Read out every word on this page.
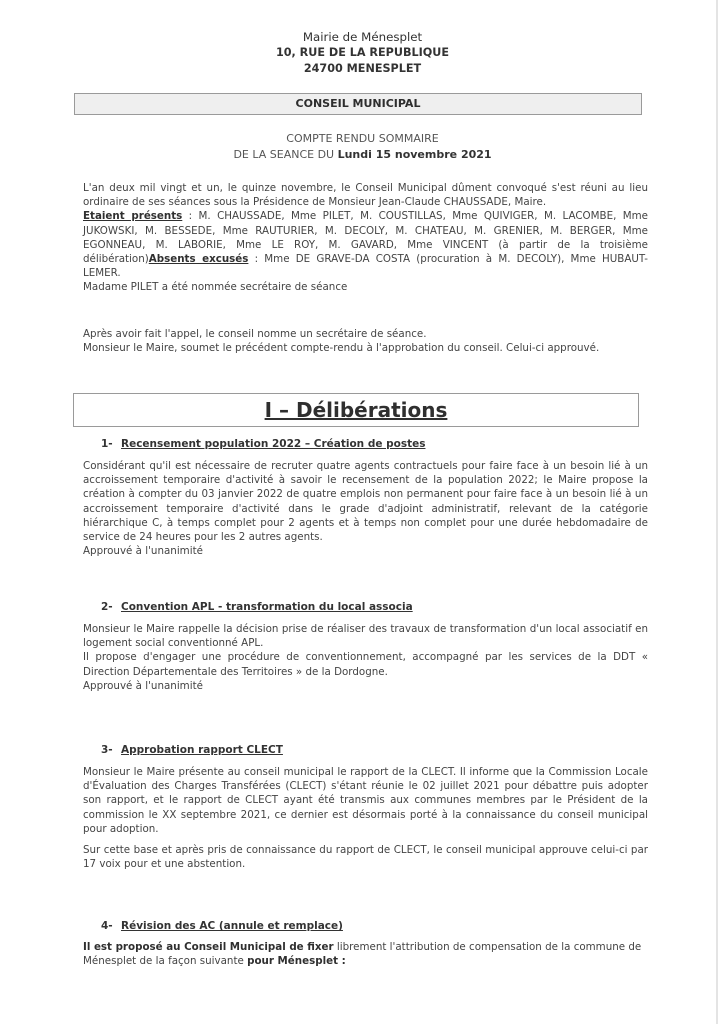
Mairie de Ménesplet
10, RUE DE LA REPUBLIQUE
24700 MENESPLET
CONSEIL MUNICIPAL
COMPTE RENDU SOMMAIRE
DE LA SEANCE DU Lundi 15 novembre 2021
L'an deux mil vingt et un, le quinze novembre, le Conseil Municipal dûment convoqué s'est réuni au lieu ordinaire de ses séances sous la Présidence de Monsieur Jean-Claude CHAUSSADE, Maire.
Etaient présents : M. CHAUSSADE, Mme PILET, M. COUSTILLAS, Mme QUIVIGER, M. LACOMBE, Mme JUKOWSKI, M. BESSEDE, Mme RAUTURIER, M. DECOLY, M. CHATEAU, M. GRENIER, M. BERGER, Mme EGONNEAU, M. LABORIE, Mme LE ROY, M. GAVARD, Mme VINCENT (à partir de la troisième délibération)Absents excusés : Mme DE GRAVE-DA COSTA (procuration à M. DECOLY), Mme HUBAUT-LEMER.
Madame PILET a été nommée secrétaire de séance
Après avoir fait l'appel, le conseil nomme un secrétaire de séance.
Monsieur le Maire, soumet le précédent compte-rendu à l'approbation du conseil. Celui-ci approuvé.
I – Délibérations
1- Recensement population 2022 – Création de postes
Considérant qu'il est nécessaire de recruter quatre agents contractuels pour faire face à un besoin lié à un accroissement temporaire d'activité à savoir le recensement de la population 2022; le Maire propose la création à compter du 03 janvier 2022 de quatre emplois non permanent pour faire face à un besoin lié à un accroissement temporaire d'activité dans le grade d'adjoint administratif, relevant de la catégorie hiérarchique C, à temps complet pour 2 agents et à temps non complet pour une durée hebdomadaire de service de 24 heures pour les 2 autres agents.
Approuvé à l'unanimité
2- Convention APL - transformation du local associa
Monsieur le Maire rappelle la décision prise de réaliser des travaux de transformation d'un local associatif en logement social conventionné APL.
Il propose d'engager une procédure de conventionnement, accompagné par les services de la DDT « Direction Départementale des Territoires » de la Dordogne.
Approuvé à l'unanimité
3- Approbation rapport CLECT
Monsieur le Maire présente au conseil municipal le rapport de la CLECT. Il informe que la Commission Locale d'Évaluation des Charges Transférées (CLECT) s'étant réunie le 02 juillet 2021 pour débattre puis adopter son rapport, et le rapport de CLECT ayant été transmis aux communes membres par le Président de la commission le XX septembre 2021, ce dernier est désormais porté à la connaissance du conseil municipal pour adoption.
Sur cette base et après pris de connaissance du rapport de CLECT, le conseil municipal approuve celui-ci par 17 voix pour et une abstention.
4- Révision des AC (annule et remplace)
Il est proposé au Conseil Municipal de fixer librement l'attribution de compensation de la commune de Ménesplet de la façon suivante pour Ménesplet :
